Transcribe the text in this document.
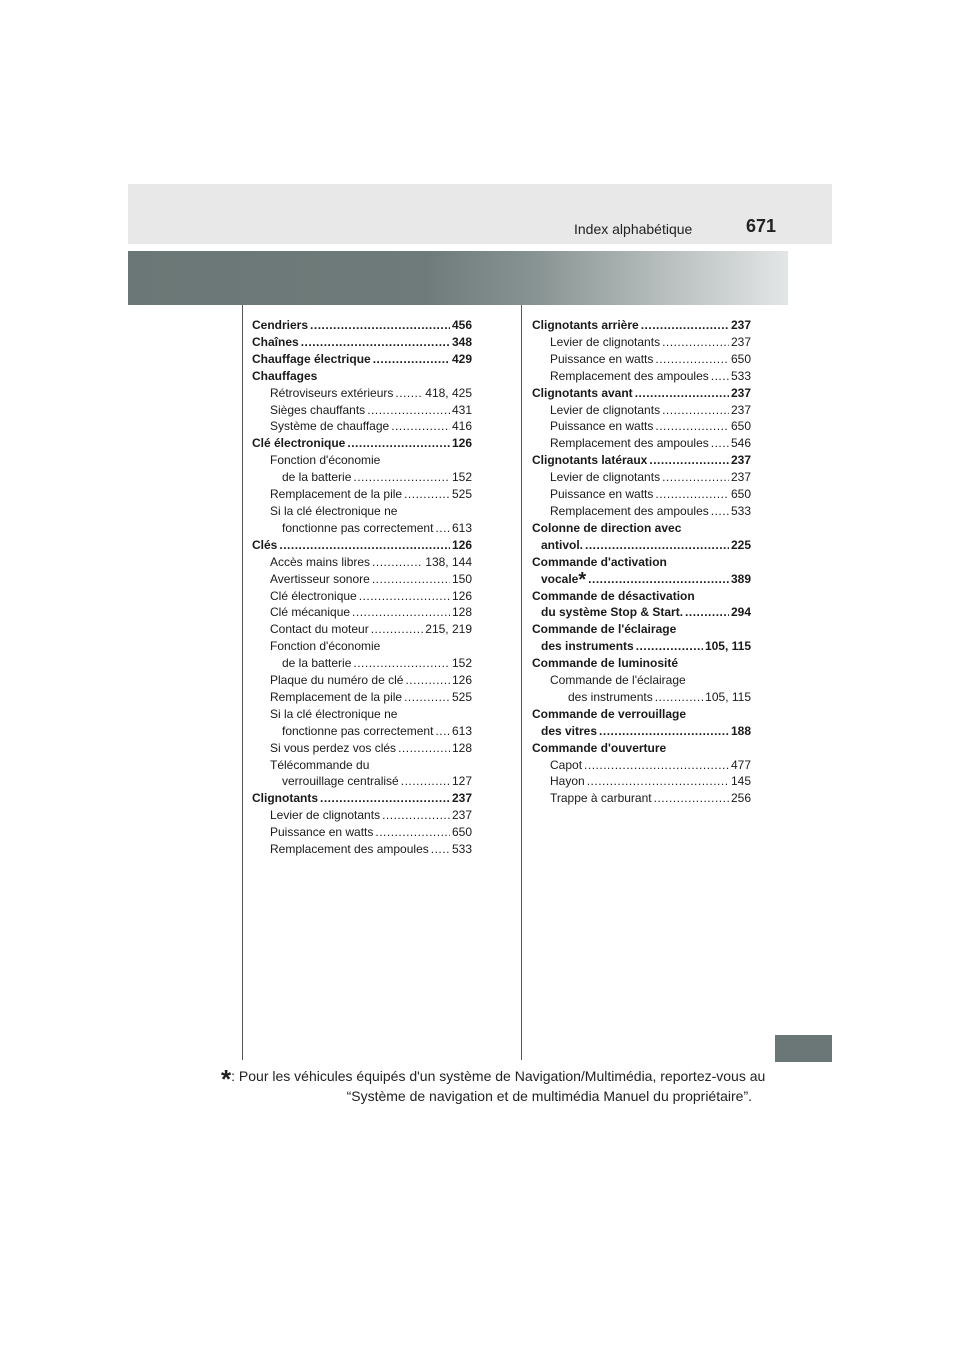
Index alphabétique	671
Cendriers .....	456
Chaînes .....	348
Chauffage électrique .....	429
Chauffages
Rétroviseurs extérieurs .....	418, 425
Sièges chauffants .....	431
Système de chauffage .....	416
Clé électronique .....	126
Fonction d'économie
de la batterie .....	152
Remplacement de la pile .....	525
Si la clé électronique ne
fonctionne pas correctement ..... 613
Clés .....	126
Accès mains libres .....	138, 144
Avertisseur sonore .....	150
Clé électronique .....	126
Clé mécanique .....	128
Contact du moteur .....	215, 219
Fonction d'économie
de la batterie .....	152
Plaque du numéro de clé .....	126
Remplacement de la pile .....	525
Si la clé électronique ne
fonctionne pas correctement ..... 613
Si vous perdez vos clés .....	128
Télécommande du
verrouillage centralisé .....	127
Clignotants .....	237
Levier de clignotants .....	237
Puissance en watts .....	650
Remplacement des ampoules ..... 533
Clignotants arrière .....	237
Levier de clignotants .....	237
Puissance en watts .....	650
Remplacement des ampoules ..... 533
Clignotants avant .....	237
Levier de clignotants .....	237
Puissance en watts .....	650
Remplacement des ampoules ..... 546
Clignotants latéraux .....	237
Levier de clignotants .....	237
Puissance en watts .....	650
Remplacement des ampoules ..... 533
Colonne de direction avec
antivol. .....	225
Commande d'activation
vocale* .....	389
Commande de désactivation
du système Stop & Start. .....	294
Commande de l'éclairage
des instruments .....	105, 115
Commande de luminosité
Commande de l'éclairage
des instruments .....	105, 115
Commande de verrouillage
des vitres .....	188
Commande d'ouverture
Capot .....	477
Hayon .....	145
Trappe à carburant .....	256
*: Pour les véhicules équipés d'un système de Navigation/Multimédia, reportez-vous au
“Système de navigation et de multimédia Manuel du propriétaire”.
